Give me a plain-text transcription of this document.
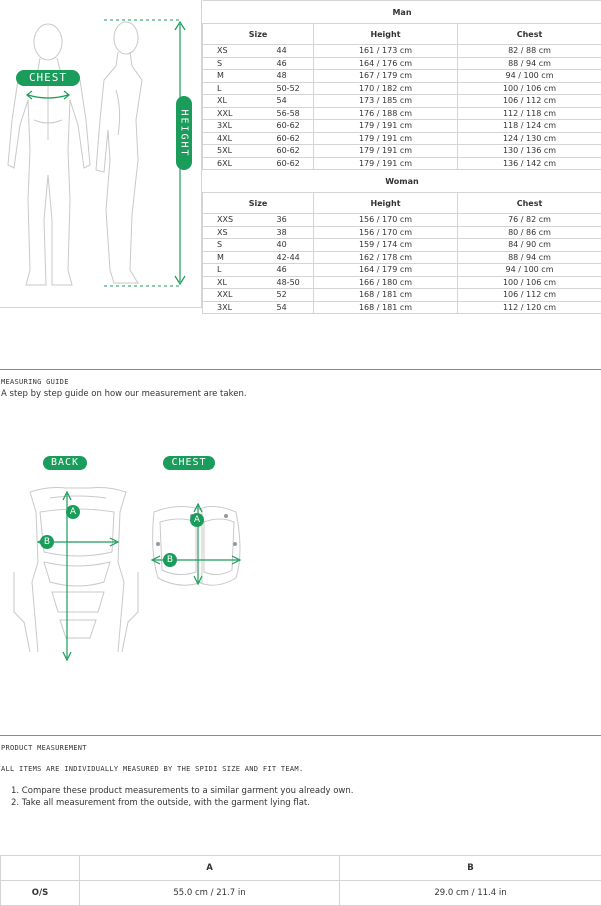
CHEST
HEIGHT
Man			
Size		Height	Chest
XS	44	161 / 173 cm	82 / 88 cm
S	46	164 / 176 cm	88 / 94 cm
M	48	167 / 179 cm	94 / 100 cm
L	50-52	170 / 182 cm	100 / 106 cm
XL	54	173 / 185 cm	106 / 112 cm
XXL	56-58	176 / 188 cm	112 / 118 cm
3XL	60-62	179 / 191 cm	118 / 124 cm
4XL	60-62	179 / 191 cm	124 / 130 cm
5XL	60-62	179 / 191 cm	130 / 136 cm
6XL	60-62	179 / 191 cm	136 / 142 cm
Woman			
Size		Height	Chest
XXS	36	156 / 170 cm	76 / 82 cm
XS	38	156 / 170 cm	80 / 86 cm
S	40	159 / 174 cm	84 / 90 cm
M	42-44	162 / 178 cm	88 / 94 cm
L	46	164 / 179 cm	94 / 100 cm
XL	48-50	166 / 180 cm	100 / 106 cm
XXL	52	168 / 181 cm	106 / 112 cm
3XL	54	168 / 181 cm	112 / 120 cm
MEASURING GUIDE
A step by step guide on how our measurement are taken.
BACK
A
B
CHEST
A
B
PRODUCT MEASUREMENT
ALL ITEMS ARE INDIVIDUALLY MEASURED BY THE SPIDI SIZE AND FIT TEAM.
1. Compare these product measurements to a similar garment you already own.
2. Take all measurement from the outside, with the garment lying flat.
	A	B
O/S	55.0 cm / 21.7 in	29.0 cm / 11.4 in
